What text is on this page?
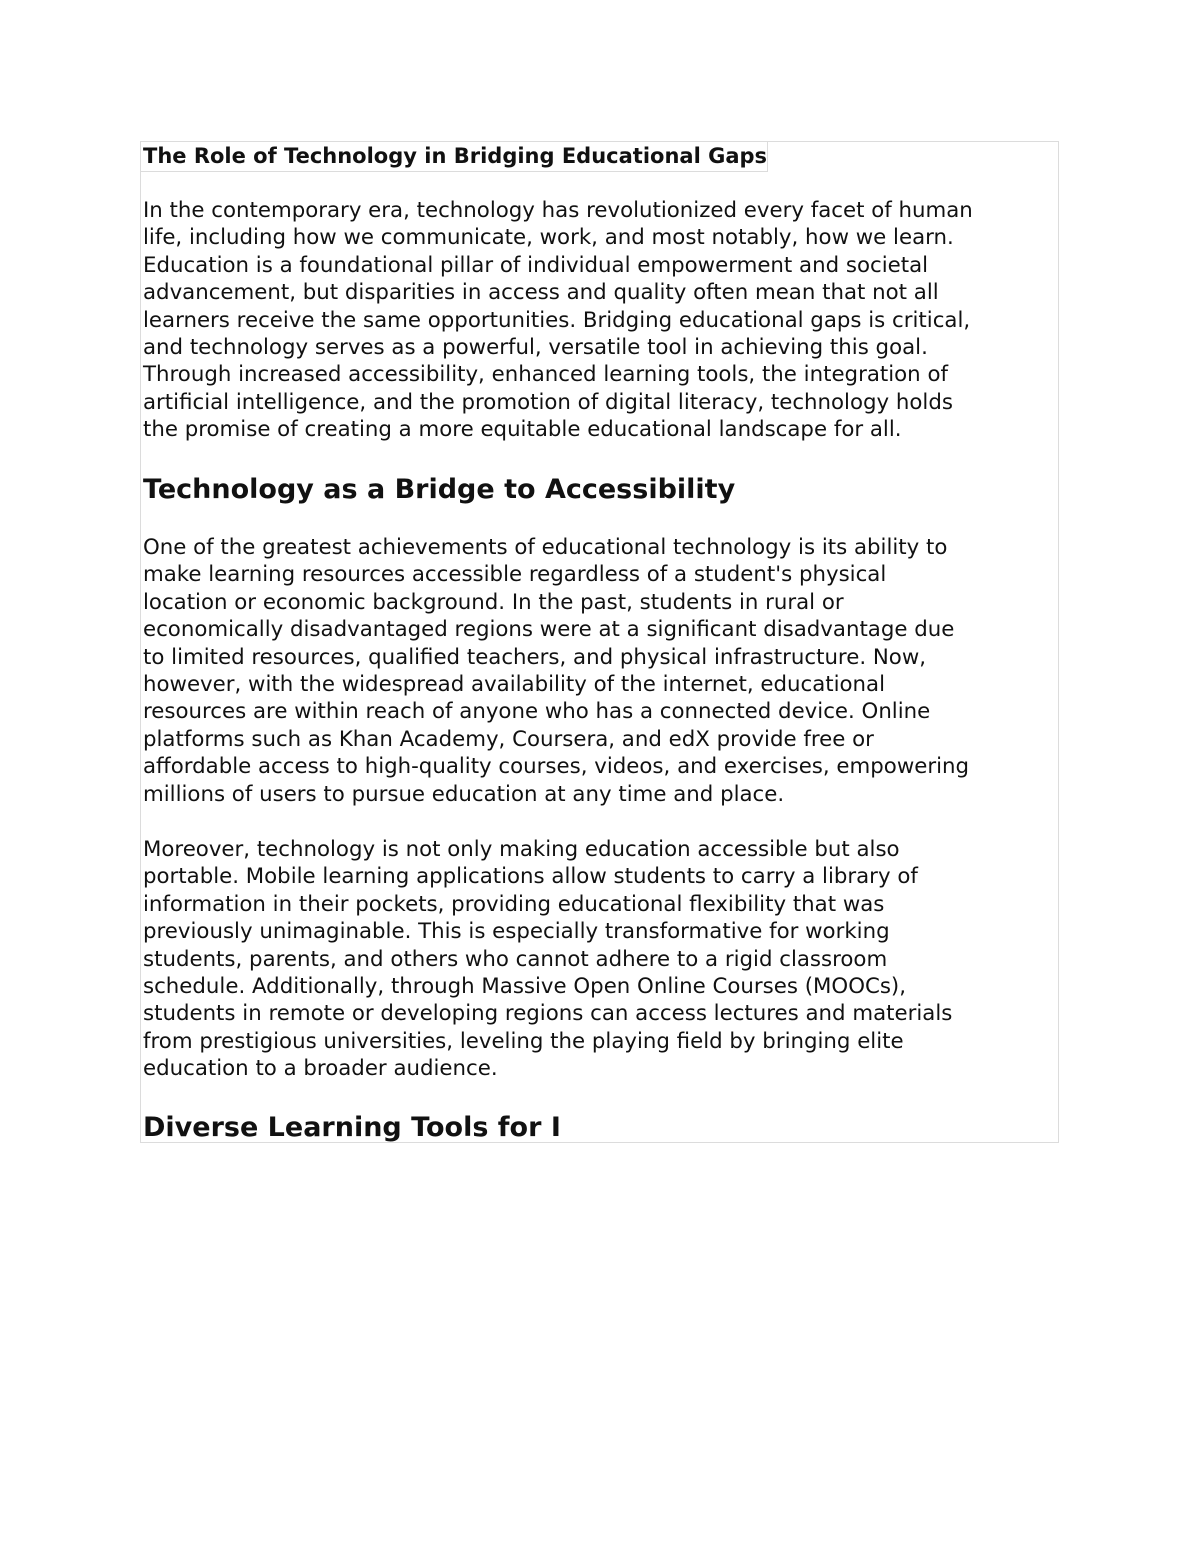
The Role of Technology in Bridging Educational Gaps

In the contemporary era, technology has revolutionized every facet of human
life, including how we communicate, work, and most notably, how we learn.
Education is a foundational pillar of individual empowerment and societal
advancement, but disparities in access and quality often mean that not all
learners receive the same opportunities. Bridging educational gaps is critical,
and technology serves as a powerful, versatile tool in achieving this goal.
Through increased accessibility, enhanced learning tools, the integration of
artificial intelligence, and the promotion of digital literacy, technology holds
the promise of creating a more equitable educational landscape for all.

Technology as a Bridge to Accessibility

One of the greatest achievements of educational technology is its ability to
make learning resources accessible regardless of a student's physical
location or economic background. In the past, students in rural or
economically disadvantaged regions were at a significant disadvantage due
to limited resources, qualified teachers, and physical infrastructure. Now,
however, with the widespread availability of the internet, educational
resources are within reach of anyone who has a connected device. Online
platforms such as Khan Academy, Coursera, and edX provide free or
affordable access to high-quality courses, videos, and exercises, empowering
millions of users to pursue education at any time and place.

Moreover, technology is not only making education accessible but also
portable. Mobile learning applications allow students to carry a library of
information in their pockets, providing educational flexibility that was
previously unimaginable. This is especially transformative for working
students, parents, and others who cannot adhere to a rigid classroom
schedule. Additionally, through Massive Open Online Courses (MOOCs),
students in remote or developing regions can access lectures and materials
from prestigious universities, leveling the playing field by bringing elite
education to a broader audience.

Diverse Learning Tools for I
